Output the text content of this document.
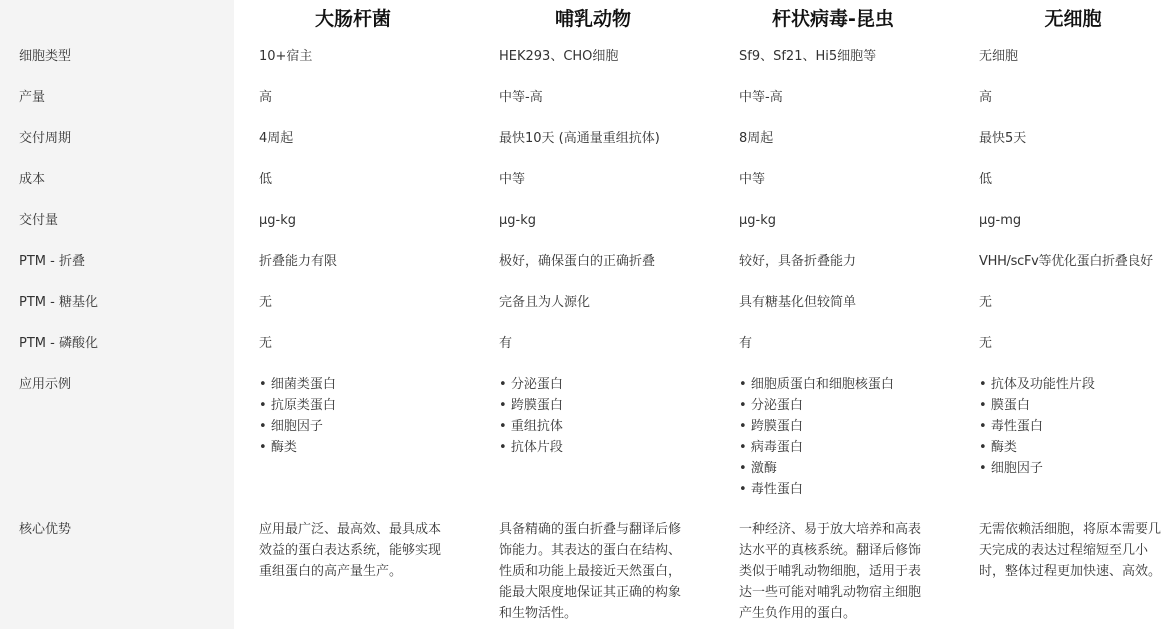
大肠杆菌	哺乳动物	杆状病毒-昆虫	无细胞
细胞类型	10+宿主	HEK293、CHO细胞	Sf9、Sf21、Hi5细胞等	无细胞
产量	高	中等-高	中等-高	高
交付周期	4周起	最快10天 (高通量重组抗体)	8周起	最快5天
成本	低	中等	中等	低
交付量	μg-kg	μg-kg	μg-kg	μg-mg
PTM - 折叠	折叠能力有限	极好，确保蛋白的正确折叠	较好，具备折叠能力	VHH/scFv等优化蛋白折叠良好
PTM - 糖基化	无	完备且为人源化	具有糖基化但较简单	无
PTM - 磷酸化	无	有	有	无
应用示例
•	细菌类蛋白
• 抗原类蛋白
• 细胞因子
• 酶类
• 分泌蛋白
• 跨膜蛋白
• 重组抗体
• 抗体片段
• 细胞质蛋白和细胞核蛋白
• 分泌蛋白
• 跨膜蛋白
• 病毒蛋白
• 激酶
• 毒性蛋白
• 抗体及功能性片段
• 膜蛋白
• 毒性蛋白
• 酶类
• 细胞因子
核心优势	应用最广泛、最高效、最具成本效益的蛋白表达系统，能够实现重组蛋白的高产量生产。
具备精确的蛋白折叠与翻译后修饰能力。其表达的蛋白在结构、性质和功能上最接近天然蛋白，能最大限度地保证其正确的构象和生物活性。
一种经济、易于放大培养和高表达水平的真核系统。翻译后修饰类似于哺乳动物细胞，适用于表达一些可能对哺乳动物宿主细胞产生负作用的蛋白。
无需依赖活细胞，将原本需要几天完成的表达过程缩短至几小时，整体过程更加快速、高效。
